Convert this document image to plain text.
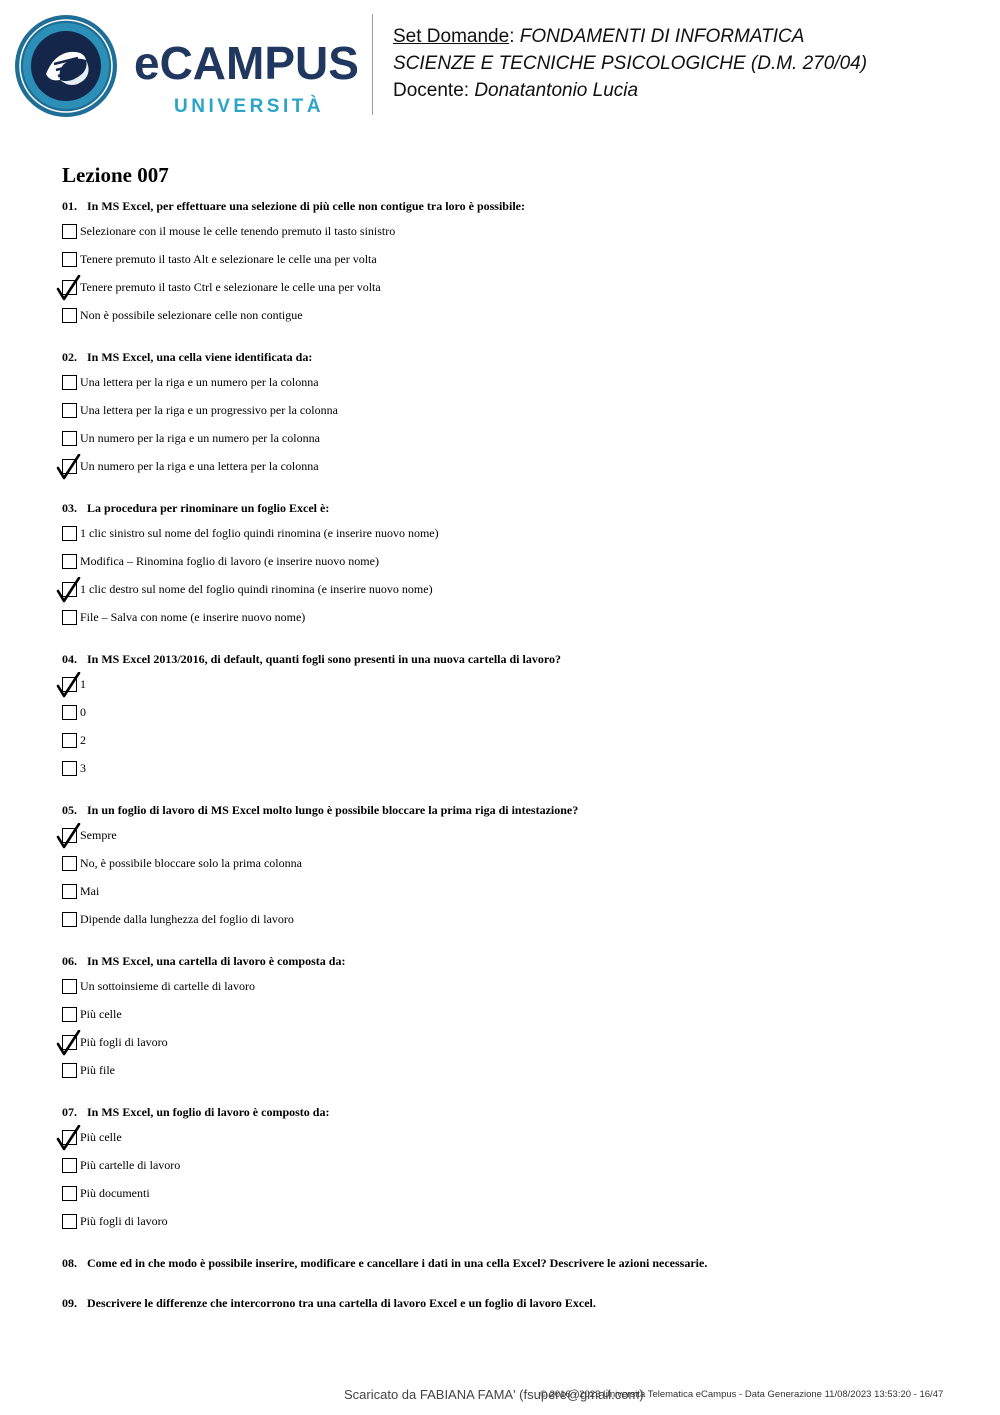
eCAMPUS
UNIVERSITÀ
Set Domande: FONDAMENTI DI INFORMATICA
SCIENZE E TECNICHE PSICOLOGICHE (D.M. 270/04)
Docente: Donatantonio Lucia
Lezione 007
01. In MS Excel, per effettuare una selezione di più celle non contigue tra loro è possibile:
Selezionare con il mouse le celle tenendo premuto il tasto sinistro
Tenere premuto il tasto Alt e selezionare le celle una per volta
Tenere premuto il tasto Ctrl e selezionare le celle una per volta
Non è possibile selezionare celle non contigue
02. In MS Excel, una cella viene identificata da:
Una lettera per la riga e un numero per la colonna
Una lettera per la riga e un progressivo per la colonna
Un numero per la riga e un numero per la colonna
Un numero per la riga e una lettera per la colonna
03. La procedura per rinominare un foglio Excel è:
1 clic sinistro sul nome del foglio quindi rinomina (e inserire nuovo nome)
Modifica – Rinomina foglio di lavoro (e inserire nuovo nome)
1 clic destro sul nome del foglio quindi rinomina (e inserire nuovo nome)
File – Salva con nome (e inserire nuovo nome)
04. In MS Excel 2013/2016, di default, quanti fogli sono presenti in una nuova cartella di lavoro?
1
0
2
3
05. In un foglio di lavoro di MS Excel molto lungo è possibile bloccare la prima riga di intestazione?
Sempre
No, è possibile bloccare solo la prima colonna
Mai
Dipende dalla lunghezza del foglio di lavoro
06. In MS Excel, una cartella di lavoro è composta da:
Un sottoinsieme di cartelle di lavoro
Più celle
Più fogli di lavoro
Più file
07. In MS Excel, un foglio di lavoro è composto da:
Più celle
Più cartelle di lavoro
Più documenti
Più fogli di lavoro
08. Come ed in che modo è possibile inserire, modificare e cancellare i dati in una cella Excel? Descrivere le azioni necessarie.
09. Descrivere le differenze che intercorrono tra una cartella di lavoro Excel e un foglio di lavoro Excel.
Scaricato da FABIANA FAMA' (fsupere@gmail.com)
© 2016 - 2023 Università Telematica eCampus - Data Generazione 11/08/2023 13:53:20 - 16/47
